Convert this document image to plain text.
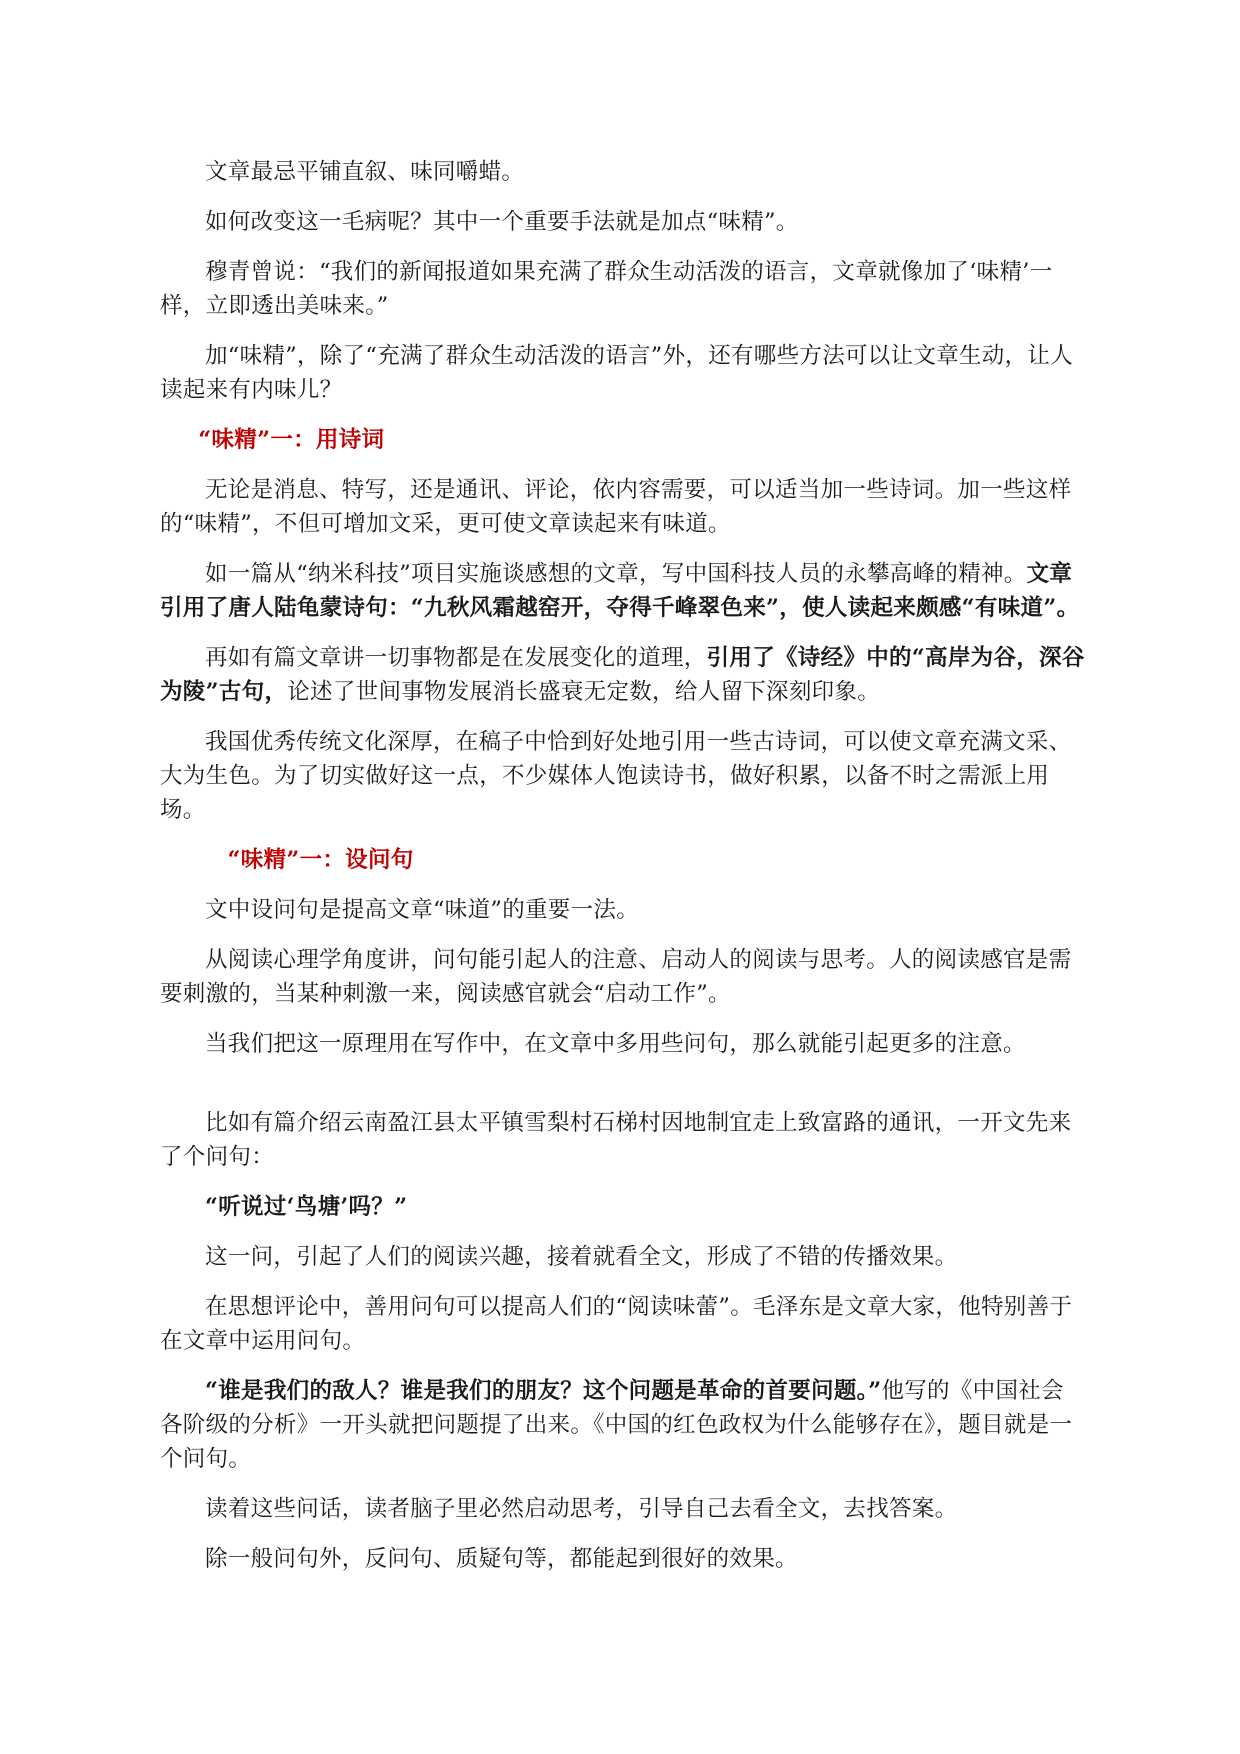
文章最忌平铺直叙、味同嚼蜡。

如何改变这一毛病呢？其中一个重要手法就是加点“味精”。

穆青曾说：“我们的新闻报道如果充满了群众生动活泼的语言，文章就像加了‘味精’一样，立即透出美味来。”

加“味精”，除了“充满了群众生动活泼的语言”外，还有哪些方法可以让文章生动，让人读起来有内味儿？

“味精”一：用诗词

无论是消息、特写，还是通讯、评论，依内容需要，可以适当加一些诗词。加一些这样的“味精”，不但可增加文采，更可使文章读起来有味道。

如一篇从“纳米科技”项目实施谈感想的文章，写中国科技人员的永攀高峰的精神。文章引用了唐人陆龟蒙诗句：“九秋风霜越窑开，夺得千峰翠色来”，使人读起来颇感“有味道”。

再如有篇文章讲一切事物都是在发展变化的道理，引用了《诗经》中的“高岸为谷，深谷为陵”古句，论述了世间事物发展消长盛衰无定数，给人留下深刻印象。

我国优秀传统文化深厚，在稿子中恰到好处地引用一些古诗词，可以使文章充满文采、大为生色。为了切实做好这一点，不少媒体人饱读诗书，做好积累，以备不时之需派上用场。

“味精”一：设问句

文中设问句是提高文章“味道”的重要一法。

从阅读心理学角度讲，问句能引起人的注意、启动人的阅读与思考。人的阅读感官是需要刺激的，当某种刺激一来，阅读感官就会“启动工作”。

当我们把这一原理用在写作中，在文章中多用些问句，那么就能引起更多的注意。

比如有篇介绍云南盈江县太平镇雪梨村石梯村因地制宜走上致富路的通讯，一开文先来了个问句：

“听说过‘鸟塘’吗？”

这一问，引起了人们的阅读兴趣，接着就看全文，形成了不错的传播效果。

在思想评论中，善用问句可以提高人们的“阅读味蕾”。毛泽东是文章大家，他特别善于在文章中运用问句。

“谁是我们的敌人？谁是我们的朋友？这个问题是革命的首要问题。”他写的《中国社会各阶级的分析》一开头就把问题提了出来。《中国的红色政权为什么能够存在》，题目就是一个问句。

读着这些问话，读者脑子里必然启动思考，引导自己去看全文，去找答案。

除一般问句外，反问句、质疑句等，都能起到很好的效果。
